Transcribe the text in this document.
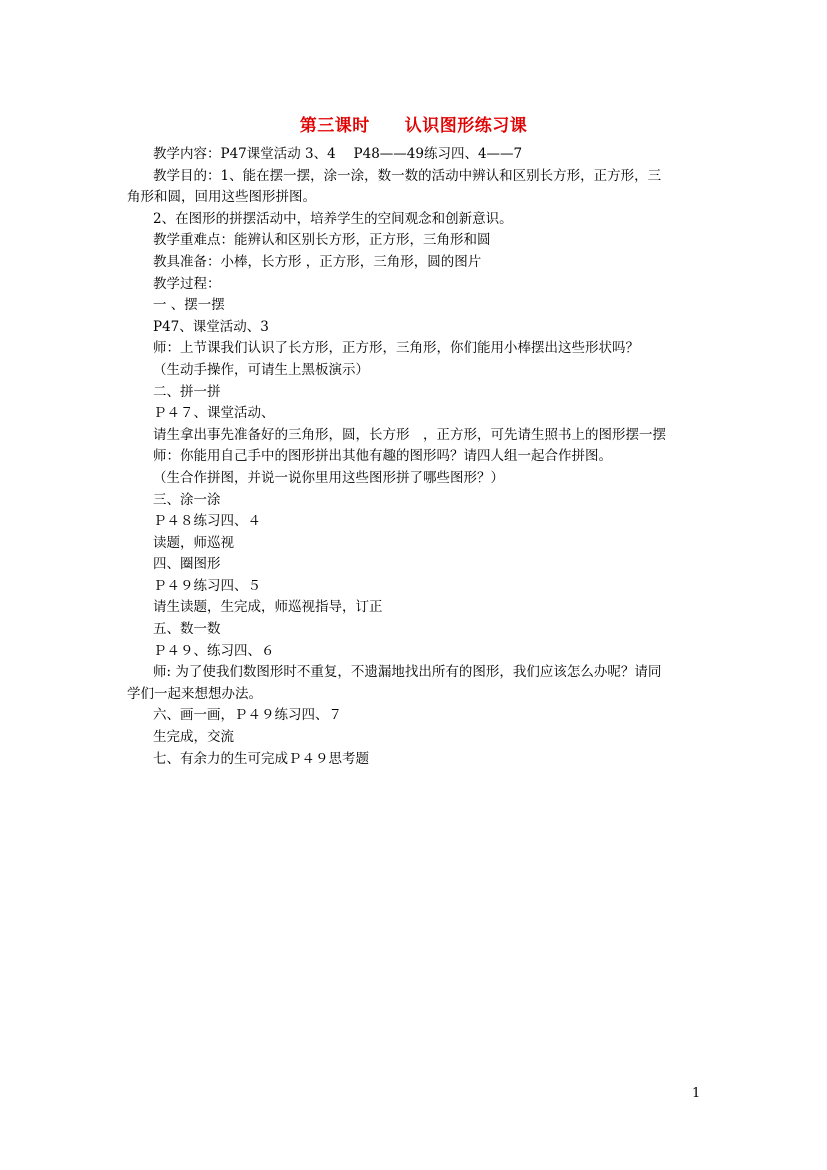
第三课时　　认识图形练习课
教学内容：P47课堂活动 3、4　 P48——49练习四、4——7
教学目的：1、能在摆一摆，涂一涂，数一数的活动中辨认和区别长方形，正方形，三
角形和圆，回用这些图形拼图。
2、在图形的拼摆活动中，培养学生的空间观念和创新意识。
教学重难点：能辨认和区别长方形，正方形，三角形和圆
教具准备：小棒，长方形 ，正方形，三角形，圆的图片
教学过程：
一 、摆一摆
P47、课堂活动、3
师：上节课我们认识了长方形，正方形，三角形，你们能用小棒摆出这些形状吗？
（生动手操作，可请生上黑板演示）
二、拼一拼
Ｐ４７、课堂活动、
请生拿出事先准备好的三角形，圆，长方形　，正方形，可先请生照书上的图形摆一摆
师：你能用自己手中的图形拼出其他有趣的图形吗？请四人组一起合作拼图。
（生合作拼图，并说一说你里用这些图形拼了哪些图形？）
三、涂一涂
Ｐ４８练习四、４
读题，师巡视
四、圈图形
Ｐ４９练习四、５
请生读题，生完成，师巡视指导，订正
五、数一数
Ｐ４９、练习四、６
师: 为了使我们数图形时不重复，不遗漏地找出所有的图形，我们应该怎么办呢？请同
学们一起来想想办法。
六、画一画，Ｐ４９练习四、７
生完成，交流
七、有余力的生可完成Ｐ４９思考题
1
